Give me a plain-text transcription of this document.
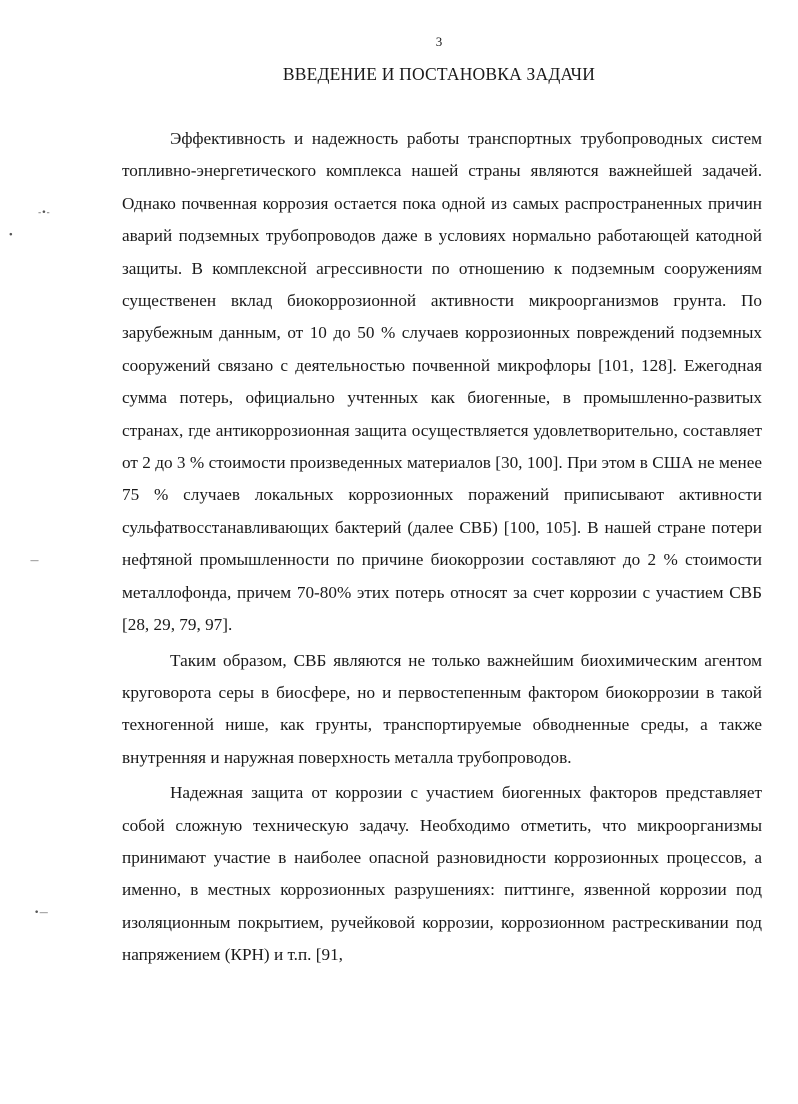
3
ВВЕДЕНИЕ И ПОСТАНОВКА ЗАДАЧИ
-•-
∙
—
•—

Эффективность и надежность работы транспортных трубопроводных систем топливно-энергетического комплекса нашей страны являются важнейшей задачей. Однако почвенная коррозия остается пока одной из самых распространенных причин аварий подземных трубопроводов даже в условиях нормально работающей катодной защиты. В комплексной агрессивности по отношению к подземным сооружениям существенен вклад биокоррозионной активности микроорганизмов грунта. По зарубежным данным, от 10 до 50 % случаев коррозионных повреждений подземных сооружений связано с деятельностью почвенной микрофлоры [101, 128]. Ежегодная сумма потерь, официально учтенных как биогенные, в промышленно-развитых странах, где антикоррозионная защита осуществляется удовлетворительно, составляет от 2 до 3 % стоимости произведенных материалов [30, 100]. При этом в США не менее 75 % случаев локальных коррозионных поражений приписывают активности сульфатвосстанавливающих бактерий (далее СВБ) [100, 105]. В нашей стране потери нефтяной промышленности по причине биокоррозии составляют до 2 % стоимости металлофонда, причем 70-80% этих потерь относят за счет коррозии с участием СВБ [28, 29, 79, 97].

Таким образом, СВБ являются не только важнейшим биохимическим агентом круговорота серы в биосфере, но и первостепенным фактором биокоррозии в такой техногенной нише, как грунты, транспортируемые обводненные среды, а также внутренняя и наружная поверхность металла трубопроводов.

Надежная защита от коррозии с участием биогенных факторов представляет собой сложную техническую задачу. Необходимо отметить, что микроорганизмы принимают участие в наиболее опасной разновидности коррозионных процессов, а именно, в местных коррозионных разрушениях: питтинге, язвенной коррозии под изоляционным покрытием, ручейковой коррозии, коррозионном растрескивании под напряжением (КРН) и т.п. [91,
